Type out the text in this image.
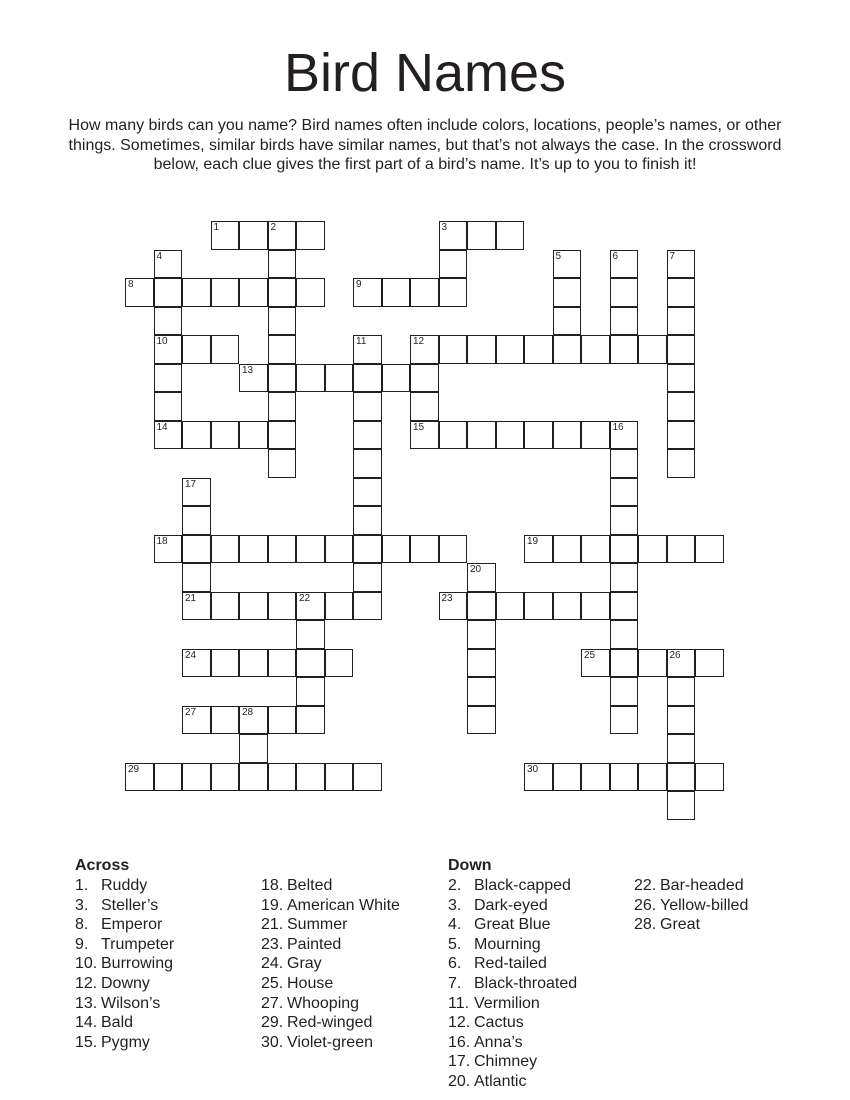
Bird Names
How many birds can you name? Bird names often include colors, locations, people’s names, or other things. Sometimes, similar birds have similar names, but that’s not always the case. In the crossword below, each clue gives the first part of a bird’s name. It’s up to you to finish it!
1	2	3
4
10
5	6	7
8	9
11	12
15
13
14	16
17
21
18	19
20
22	23
24	25	26
27	28
29	30
Across
1. Ruddy
3. Steller’s
8. Emperor
9. Trumpeter
10. Burrowing
12. Downy
13. Wilson’s
14. Bald
15. Pygmy
18. Belted
19. American White
21. Summer
23. Painted
24. Gray
25. House
27. Whooping
29. Red-winged
30. Violet-green
Down
2. Black-capped
3. Dark-eyed
4. Great Blue
5. Mourning
6. Red-tailed
7. Black-throated
11. Vermilion
12. Cactus
16. Anna’s
17. Chimney
20. Atlantic
22. Bar-headed
26. Yellow-billed
28. Great
